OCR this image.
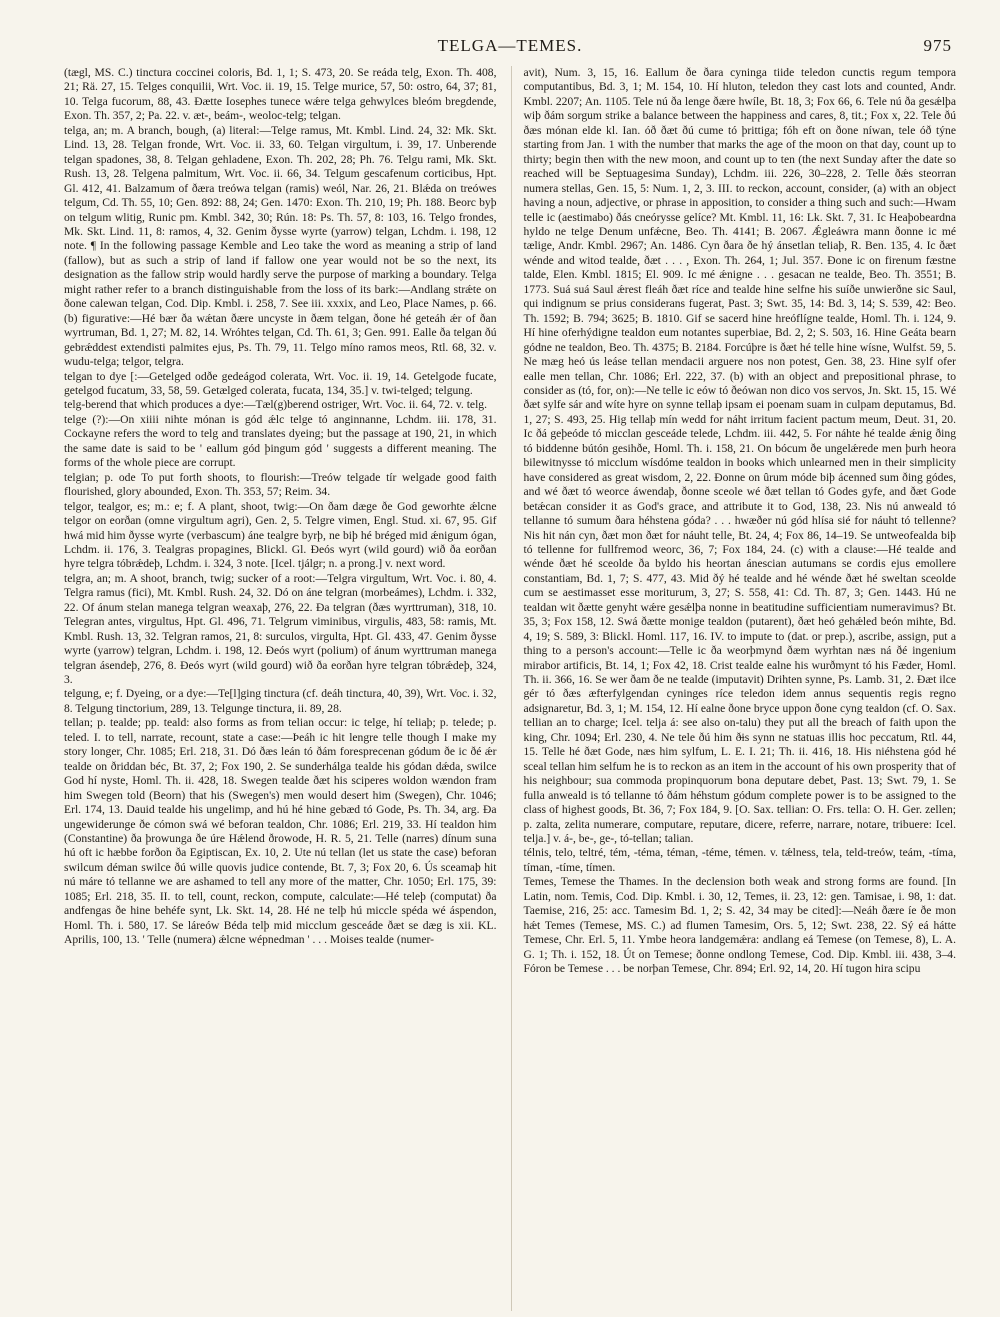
TELGA—TEMES.	975

(tægl, MS. C.) tinctura coccinei coloris, Bd. 1, 1; S. 473, 20. Se reáda telg, Exon. Th. 408, 21; Rä. 27, 15. Telges conquilii, Wrt. Voc. ii. 19, 15. Telge murice, 57, 50: ostro, 64, 37; 81, 10. Telga fucorum, 88, 43. Ðætte Iosephes tunece wǽre telga gehwylces bleóm bregdende, Exon. Th. 357, 2; Pa. 22. v. æt-, beám-, weoloc-telg; telgan.

telga, an; m. A branch, bough, (a) literal:—Telge ramus, Mt. Kmbl. Lind. 24, 32: Mk. Skt. Lind. 13, 28. Telgan fronde, Wrt. Voc. ii. 33, 60. Telgan virgultum, i. 39, 17. Unberende telgan spadones, 38, 8. Telgan gehladene, Exon. Th. 202, 28; Ph. 76. Telgu rami, Mk. Skt. Rush. 13, 28. Telgena palmitum, Wrt. Voc. ii. 66, 34. Telgum gescafenum corticibus, Hpt. Gl. 412, 41. Balzamum of ðæra treówa telgan (ramis) weól, Nar. 26, 21. Blǽda on treówes telgum, Cd. Th. 55, 10; Gen. 892: 88, 24; Gen. 1470: Exon. Th. 210, 19; Ph. 188. Beorc byþ on telgum wlitig, Runic pm. Kmbl. 342, 30; Rún. 18: Ps. Th. 57, 8: 103, 16. Telgo frondes, Mk. Skt. Lind. 11, 8: ramos, 4, 32. Genim ðysse wyrte (yarrow) telgan, Lchdm. i. 198, 12 note. ¶ In the following passage Kemble and Leo take the word as meaning a strip of land (fallow), but as such a strip of land if fallow one year would not be so the next, its designation as the fallow strip would hardly serve the purpose of marking a boundary. Telga might rather refer to a branch distinguishable from the loss of its bark:—Andlang strǽte on ðone calewan telgan, Cod. Dip. Kmbl. i. 258, 7. See iii. xxxix, and Leo, Place Names, p. 66. (b) figurative:—Hé bær ða wǽtan ðære uncyste in ðæm telgan, ðone hé geteáh ǽr of ðan wyrtruman, Bd. 1, 27; M. 82, 14. Wróhtes telgan, Cd. Th. 61, 3; Gen. 991. Ealle ða telgan ðú gebrǽddest extendisti palmites ejus, Ps. Th. 79, 11. Telgo míno ramos meos, Rtl. 68, 32. v. wudu-telga; telgor, telgra.

telgan to dye [:—Getelged odðe gedeágod colerata, Wrt. Voc. ii. 19, 14. Getelgode fucate, getelgod fucatum, 33, 58, 59. Getælged colerata, fucata, 134, 35.] v. twi-telged; telgung.

telg-berend that which produces a dye:—Tæl(g)berend ostriger, Wrt. Voc. ii. 64, 72. v. telg.

telge (?):—On xiiii nihte mónan is gód ǽlc telge tó anginnanne, Lchdm. iii. 178, 31. Cockayne refers the word to telg and translates dyeing; but the passage at 190, 21, in which the same date is said to be ' eallum gód þingum gód ' suggests a different meaning. The forms of the whole piece are corrupt.

telgian; p. ode To put forth shoots, to flourish:—Treów telgade tír welgade good faith flourished, glory abounded, Exon. Th. 353, 57; Reim. 34.

telgor, tealgor, es; m.: e; f. A plant, shoot, twig:—On ðam dæge ðe God geworhte ǽlcne telgor on eorðan (omne virgultum agri), Gen. 2, 5. Telgre vimen, Engl. Stud. xi. 67, 95. Gif hwá mid him ðysse wyrte (verbascum) áne tealgre byrþ, ne biþ hé bréged mid ǽnigum ógan, Lchdm. ii. 176, 3. Tealgras propagines, Blickl. Gl. Ðeós wyrt (wild gourd) wið ða eorðan hyre telgra tóbrǽdeþ, Lchdm. i. 324, 3 note. [Icel. tjálgr; n. a prong.] v. next word.

telgra, an; m. A shoot, branch, twig; sucker of a root:—Telgra virgultum, Wrt. Voc. i. 80, 4. Telgra ramus (fici), Mt. Kmbl. Rush. 24, 32. Dó on áne telgran (morbeámes), Lchdm. i. 332, 22. Of ánum stelan manega telgran weaxaþ, 276, 22. Ða telgran (ðæs wyrttruman), 318, 10. Telegran antes, virgultus, Hpt. Gl. 496, 71. Telgrum viminibus, virgulis, 483, 58: ramis, Mt. Kmbl. Rush. 13, 32. Telgran ramos, 21, 8: surculos, virgulta, Hpt. Gl. 433, 47. Genim ðysse wyrte (yarrow) telgran, Lchdm. i. 198, 12. Ðeós wyrt (polium) of ánum wyrttruman manega telgran ásendeþ, 276, 8. Ðeós wyrt (wild gourd) wið ða eorðan hyre telgran tóbrǽdeþ, 324, 3.

telgung, e; f. Dyeing, or a dye:—Te[l]ging tinctura (cf. deáh tinctura, 40, 39), Wrt. Voc. i. 32, 8. Telgung tinctorium, 289, 13. Telgunge tinctura, ii. 89, 28.

tellan; p. tealde; pp. teald: also forms as from telian occur: ic telge, hí teliaþ; p. telede; p. teled. I. to tell, narrate, recount, state a case:—Þeáh ic hit lengre telle though I make my story longer, Chr. 1085; Erl. 218, 31. Dó ðæs leán tó ðám foresprecenan gódum ðe ic ðé ǽr tealde on ðriddan béc, Bt. 37, 2; Fox 190, 2. Se sunderhálga tealde his gódan dǽda, swilce God hí nyste, Homl. Th. ii. 428, 18. Swegen tealde ðæt his sciperes woldon wændon fram him Swegen told (Beorn) that his (Swegen's) men would desert him (Swegen), Chr. 1046; Erl. 174, 13. Dauid tealde his ungelimp, and hú hé hine gebæd tó Gode, Ps. Th. 34, arg. Ða ungewiderunge ðe cómon swá wé beforan tealdon, Chr. 1086; Erl. 219, 33. Hí tealdon him (Constantine) ða þrowunga ðe úre Hǽlend ðrowode, H. R. 5, 21. Telle (narres) dínum suna hú oft ic hæbbe forðon ða Egiptiscan, Ex. 10, 2. Ute nú tellan (let us state the case) beforan swilcum déman swilce ðú wille quovis judice contende, Bt. 7, 3; Fox 20, 6. Ús sceamaþ hit nú máre tó tellanne we are ashamed to tell any more of the matter, Chr. 1050; Erl. 175, 39: 1085; Erl. 218, 35. II. to tell, count, reckon, compute, calculate:—Hé teleþ (computat) ða andfengas ðe hine behéfe synt, Lk. Skt. 14, 28. Hé ne telþ hú miccle spéda wé áspendon, Homl. Th. i. 580, 17. Se láreów Béda telþ mid micclum gesceáde ðæt se dæg is xii. KL. Aprilis, 100, 13. ' Telle (numera) ǽlcne wépnedman ' . . . Moises tealde (numer-

avit), Num. 3, 15, 16. Eallum ðe ðara cyninga tiide teledon cunctis regum tempora computantibus, Bd. 3, 1; M. 154, 10. Hí hluton, teledon they cast lots and counted, Andr. Kmbl. 2207; An. 1105. Tele nú ða lenge ðære hwíle, Bt. 18, 3; Fox 66, 6. Tele nú ða gesǽlþa wiþ ðám sorgum strike a balance between the happiness and cares, 8, tit.; Fox x, 22. Tele ðú ðæs mónan elde kl. Ian. óð ðæt ðú cume tó þrittiga; fóh eft on ðone níwan, tele óð týne starting from Jan. 1 with the number that marks the age of the moon on that day, count up to thirty; begin then with the new moon, and count up to ten (the next Sunday after the date so reached will be Septuagesima Sunday), Lchdm. iii. 226, 30–228, 2. Telle ðǽs steorran numera stellas, Gen. 15, 5: Num. 1, 2, 3. III. to reckon, account, consider, (a) with an object having a noun, adjective, or phrase in apposition, to consider a thing such and such:—Hwam telle ic (aestimabo) ðás cneórysse gelíce? Mt. Kmbl. 11, 16: Lk. Skt. 7, 31. Ic Heaþobeardna hyldo ne telge Denum unfǽcne, Beo. Th. 4141; B. 2067. Ǽgleáwra mann ðonne ic mé tælige, Andr. Kmbl. 2967; An. 1486. Cyn ðara ðe hý ánsetlan teliaþ, R. Ben. 135, 4. Ic ðæt wénde and witod tealde, ðæt . . . , Exon. Th. 264, 1; Jul. 357. Ðone ic on firenum fæstne talde, Elen. Kmbl. 1815; El. 909. Ic mé ǽnigne . . . gesacan ne tealde, Beo. Th. 3551; B. 1773. Suá suá Saul ǽrest fleáh ðæt ríce and tealde hine selfne his suíðe unwierðne sic Saul, qui indignum se prius considerans fugerat, Past. 3; Swt. 35, 14: Bd. 3, 14; S. 539, 42: Beo. Th. 1592; B. 794; 3625; B. 1810. Gif se sacerd hine hreóflígne tealde, Homl. Th. i. 124, 9. Hí hine oferhýdigne tealdon eum notantes superbiae, Bd. 2, 2; S. 503, 16. Hine Geáta bearn gódne ne tealdon, Beo. Th. 4375; B. 2184. Forcúþre is ðæt hé telle hine wísne, Wulfst. 59, 5. Ne mæg heó ús leáse tellan mendacii arguere nos non potest, Gen. 38, 23. Hine sylf ofer ealle men tellan, Chr. 1086; Erl. 222, 37. (b) with an object and prepositional phrase, to consider as (tó, for, on):—Ne telle ic eów tó ðeówan non dico vos servos, Jn. Skt. 15, 15. Wé ðæt sylfe sár and wíte hyre on synne tellaþ ipsam ei poenam suam in culpam deputamus, Bd. 1, 27; S. 493, 25. Hig tellaþ mín wedd for náht irritum facient pactum meum, Deut. 31, 20. Ic ðá geþeóde tó micclan gesceáde telede, Lchdm. iii. 442, 5. For náhte hé tealde ǽnig ðing tó biddenne bútón gesihðe, Homl. Th. i. 158, 21. On bócum ðe ungelǽrede men þurh heora bilewitnysse tó micclum wísdóme tealdon in books which unlearned men in their simplicity have considered as great wisdom, 2, 22. Ðonne on ûrum móde biþ ácenned sum ðing gódes, and wé ðæt tó weorce áwendaþ, ðonne sceole wé ðæt tellan tó Godes gyfe, and ðæt Gode betǽcan consider it as God's grace, and attribute it to God, 138, 23. Nis nú anweald tó tellanne tó sumum ðara héhstena góda? . . . hwæðer nú gód hlísa sié for náuht tó tellenne? Nis hit nán cyn, ðæt mon ðæt for náuht telle, Bt. 24, 4; Fox 86, 14–19. Se untweofealda biþ tó tellenne for fullfremod weorc, 36, 7; Fox 184, 24. (c) with a clause:—Hé tealde and wénde ðæt hé sceolde ða byldo his heortan ánescian autumans se cordis ejus emollere constantiam, Bd. 1, 7; S. 477, 43. Mid ðý hé tealde and hé wénde ðæt hé sweltan sceolde cum se aestimasset esse moriturum, 3, 27; S. 558, 41: Cd. Th. 87, 3; Gen. 1443. Hú ne tealdan wit ðætte genyht wǽre gesǽlþa nonne in beatitudine sufficientiam numeravimus? Bt. 35, 3; Fox 158, 12. Swá ðætte monige tealdon (putarent), ðæt heó gehǽled beón mihte, Bd. 4, 19; S. 589, 3: Blickl. Homl. 117, 16. IV. to impute to (dat. or prep.), ascribe, assign, put a thing to a person's account:—Telle ic ða weorþmynd ðæm wyrhtan næs ná ðé ingenium mirabor artificis, Bt. 14, 1; Fox 42, 18. Crist tealde ealne his wurðmynt tó his Fæder, Homl. Th. ii. 366, 16. Se wer ðam ðe ne tealde (imputavit) Drihten synne, Ps. Lamb. 31, 2. Ðæt ilce gér tó ðæs æfterfylgendan cyninges ríce teledon idem annus sequentis regis regno adsignaretur, Bd. 3, 1; M. 154, 12. Hí ealne ðone bryce uppon ðone cyng tealdon (cf. O. Sax. tellian an to charge; Icel. telja á: see also on-talu) they put all the breach of faith upon the king, Chr. 1094; Erl. 230, 4. Ne tele ðú him ð̶is synn ne statuas illis hoc peccatum, Rtl. 44, 15. Telle hé ðæt Gode, næs him sylfum, L. E. I. 21; Th. ii. 416, 18. His niéhstena gód hé sceal tellan him selfum he is to reckon as an item in the account of his own prosperity that of his neighbour; sua commoda propinquorum bona deputare debet, Past. 13; Swt. 79, 1. Se fulla anweald is tó tellanne tó ðám héhstum gódum complete power is to be assigned to the class of highest goods, Bt. 36, 7; Fox 184, 9. [O. Sax. tellian: O. Frs. tella: O. H. Ger. zellen; p. zalta, zelita numerare, computare, reputare, dicere, referre, narrare, notare, tribuere: Icel. telja.] v. á-, be-, ge-, tó-tellan; talian.

télnis, telo, teltré, tém, -téma, téman, -téme, témen. v. tǽlness, tela, teld-treów, teám, -tíma, tíman, -tíme, tímen.

Temes, Temese the Thames. In the declension both weak and strong forms are found. [In Latin, nom. Temis, Cod. Dip. Kmbl. i. 30, 12, Temes, ii. 23, 12: gen. Tamisae, i. 98, 1: dat. Taemise, 216, 25: acc. Tamesim Bd. 1, 2; S. 42, 34 may be cited]:—Neáh ðære íe ðe mon hǽt Temes (Temese, MS. C.) ad flumen Tamesim, Ors. 5, 12; Swt. 238, 22. Sý eá hátte Temese, Chr. Erl. 5, 11. Ymbe heora landgemǽra: andlang eá Temese (on Temese, 8), L. A. G. 1; Th. i. 152, 18. Út on Temese; ðonne ondlong Temese, Cod. Dip. Kmbl. iii. 438, 3–4. Fóron be Temese . . . be norþan Temese, Chr. 894; Erl. 92, 14, 20. Hí tugon hira scipu
